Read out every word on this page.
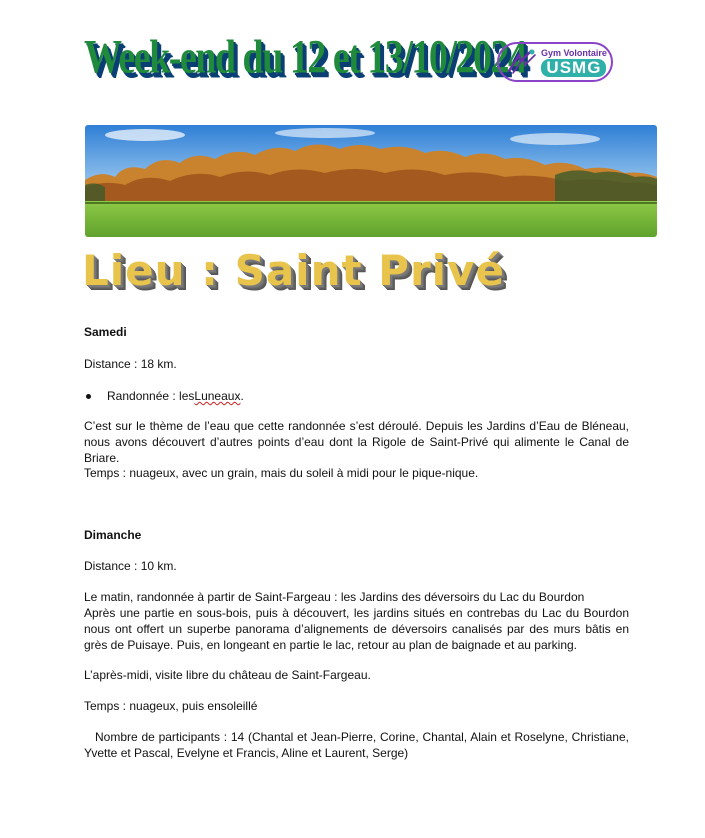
Week-end du 12 et 13/10/2024 Gym Volontaire
USMG
Lieu : Saint Privé

Samedi

Distance : 18 km.

Randonnée : les Luneaux .

C’est sur le thème de l’eau que cette randonnée s’est déroulé. Depuis les Jardins d’Eau de Bléneau, nous avons découvert d’autres points d’eau dont la Rigole de Saint-Privé qui alimente le Canal de Briare.

Temps : nuageux, avec un grain, mais du soleil à midi pour le pique-nique.

Dimanche

Distance : 10 km.

Le matin, randonnée à partir de Saint-Fargeau : les Jardins des déversoirs du Lac du Bourdon

Après une partie en sous-bois, puis à découvert, les jardins situés en contrebas du Lac du Bourdon nous ont offert un superbe panorama d’alignements de déversoirs canalisés par des murs bâtis en grès de Puisaye. Puis, en longeant en partie le lac, retour au plan de baignade et au parking.

L’après-midi, visite libre du château de Saint-Fargeau.

Temps : nuageux, puis ensoleillé

Nombre de participants : 14 (Chantal et Jean-Pierre, Corine, Chantal, Alain et Roselyne, Christiane, Yvette et Pascal, Evelyne et Francis, Aline et Laurent, Serge)
